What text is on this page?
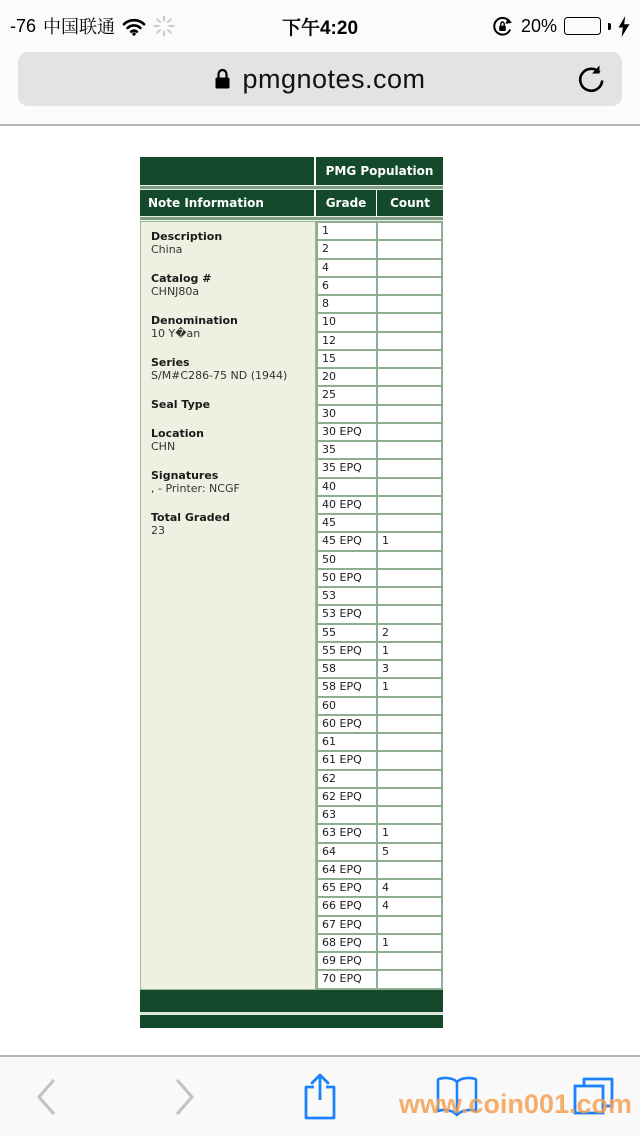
-76 中国联通	下午4:20	20%
pmgnotes.com
PMG Population
Note Information	Grade	Count
Description
China
Catalog #
CHNJ80a
Denomination
10 Y�an
Series
S/M#C286-75 ND (1944)
Seal Type
Location
CHN
Signatures
, - Printer: NCGF
Total Graded
23
1
2
4
6
8
10
12
15
20
25
30
30 EPQ
35
35 EPQ
40
40 EPQ
45
45 EPQ	1
50
50 EPQ
53
53 EPQ
55	2
55 EPQ	1
58	3
58 EPQ	1
60
60 EPQ
61
61 EPQ
62
62 EPQ
63
63 EPQ	1
64	5
64 EPQ
65 EPQ	4
66 EPQ	4
67 EPQ
68 EPQ	1
69 EPQ
70 EPQ
www.coin001.com
